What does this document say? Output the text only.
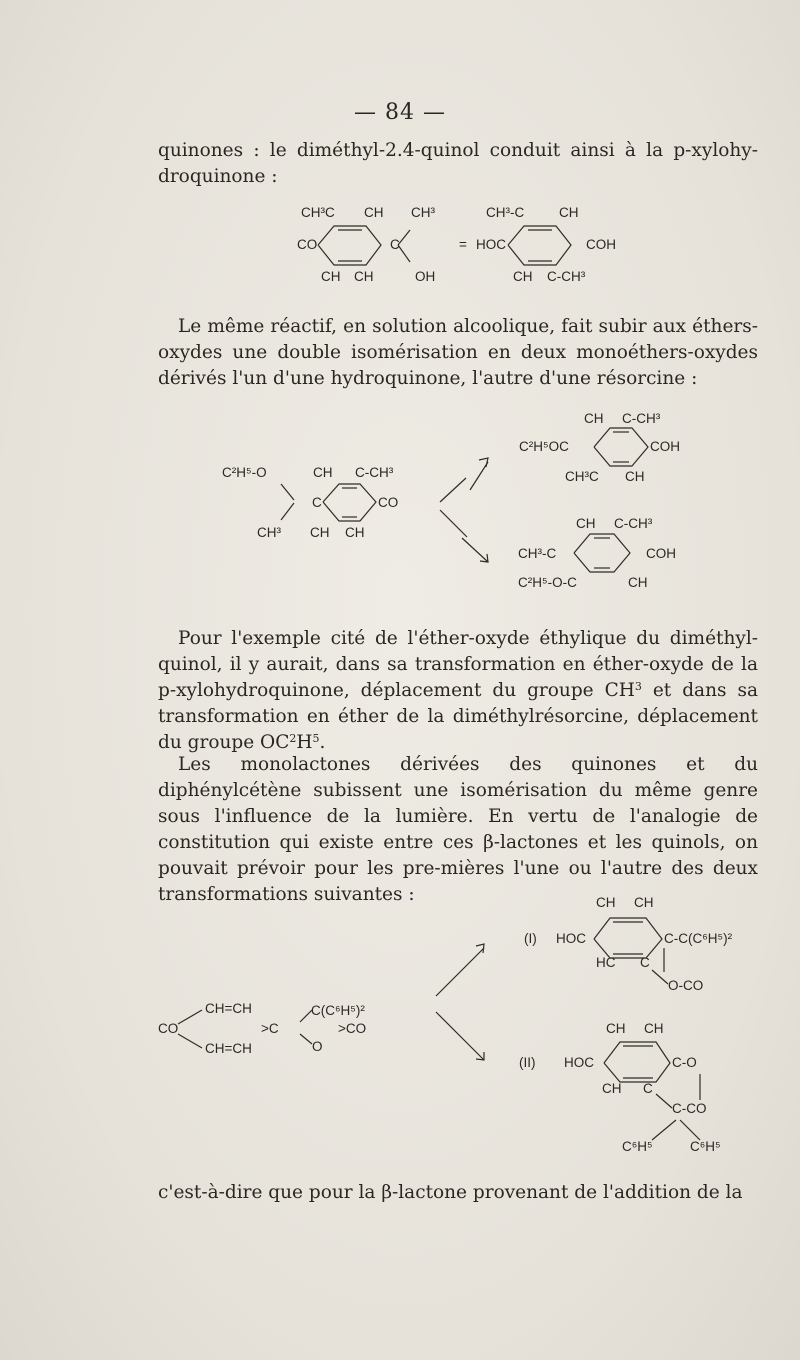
— 84 —

quinones : le diméthyl-2.4-quinol conduit ainsi à la p-xylohy-droquinone :

CH³C CH CH³
CO	C
CH CH	OH
=
CH³-C	CH
HOC	COH
CH C-CH³

Le même réactif, en solution alcoolique, fait subir aux éthers-oxydes une double isomérisation en deux monoéthers-oxydes dérivés l'un d'une hydroquinone, l'autre d'une résorcine :

C²H⁵-O	CH C-CH³
C	CO
CH³ CH CH
CH C-CH³
C²H⁵OC	COH
CH³C CH
CH C-CH³
CH³-C	COH
C²H⁵-O-C	CH

Pour l'exemple cité de l'éther-oxyde éthylique du diméthyl-quinol, il y aurait, dans sa transformation en éther-oxyde de la p-xylohydroquinone, déplacement du groupe $CH^3$ et dans sa transformation en éther de la diméthylrésorcine, déplacement du groupe $OC^2H^5$.

Les monolactones dérivées des quinones et du diphénylcétène subissent une isomérisation du même genre sous l'influence de la lumière. En vertu de l'analogie de constitution qui existe entre ces β-lactones et les quinols, on pouvait prévoir pour les pre-mières l'une ou l'autre des deux transformations suivantes :

CH=CH
CO
CH=CH
>C
C(C⁶H⁵)²
>CO
O
(I)
CH CH
HOC	C-C(C⁶H⁵)²
HC C
O-CO
(II)
CH CH
HOC	C-O
CH C
C-CO
C⁶H⁵	C⁶H⁵

c'est-à-dire que pour la β-lactone provenant de l'addition de la
